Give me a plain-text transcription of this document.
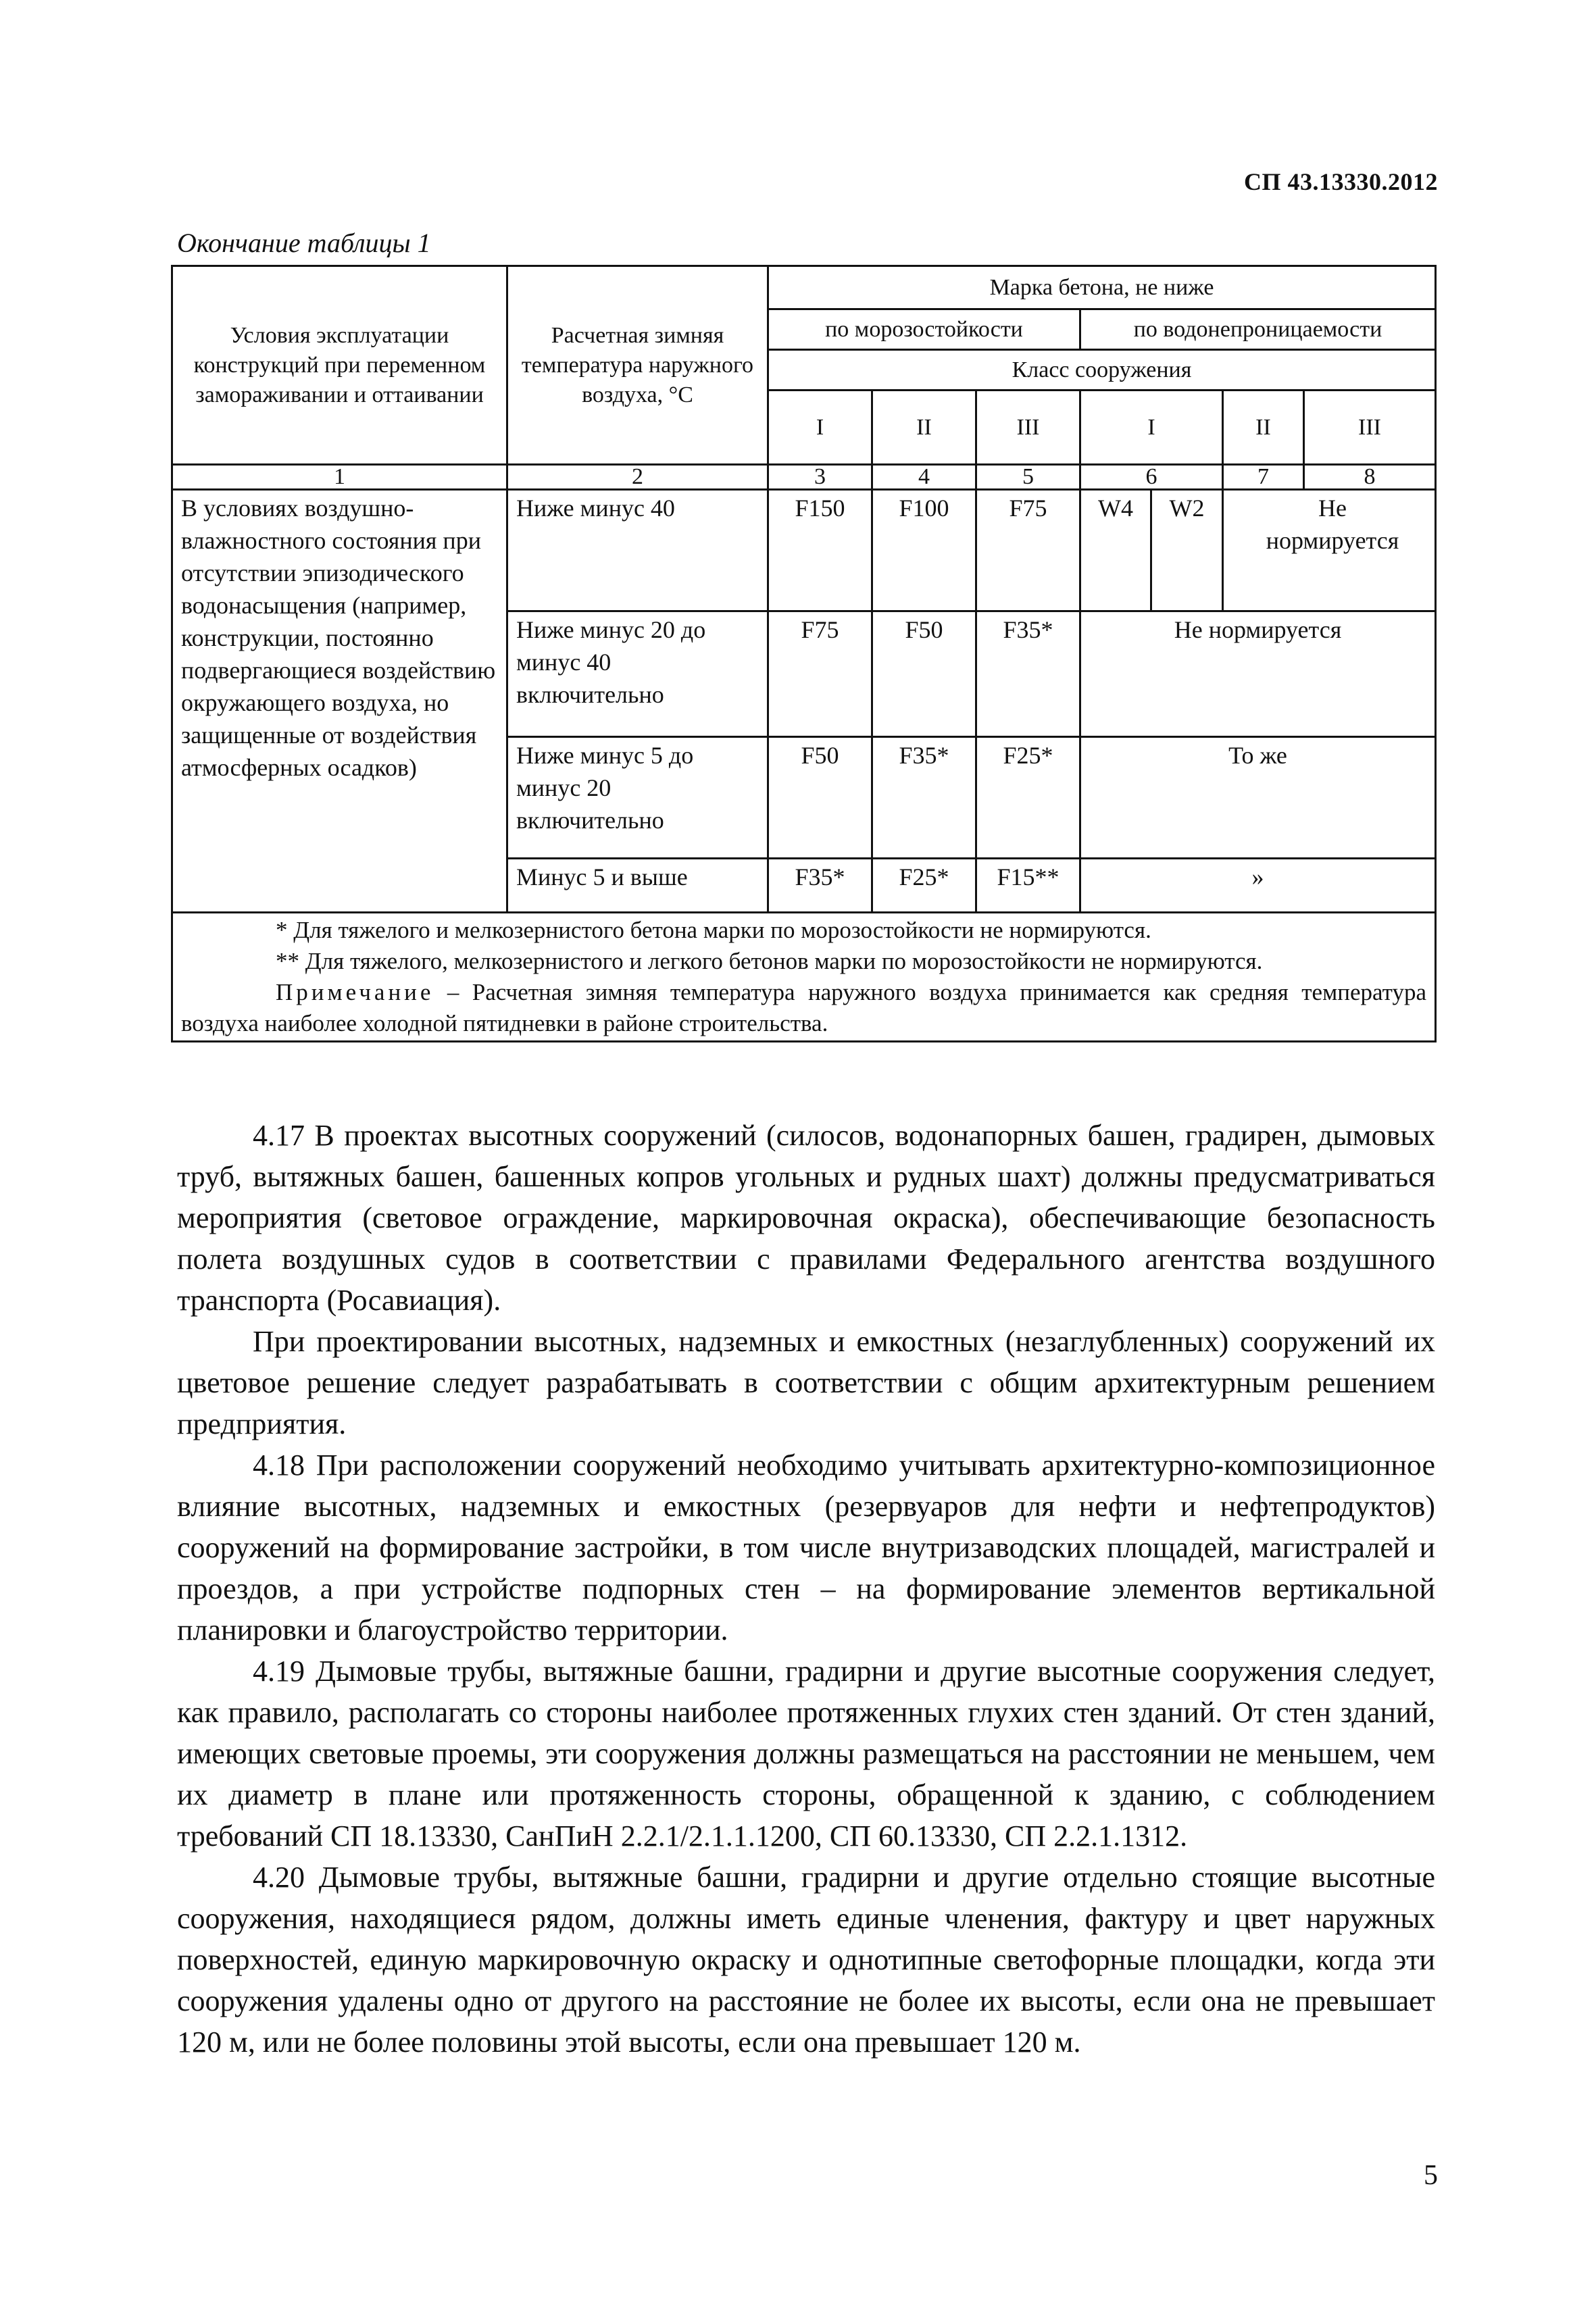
СП 43.13330.2012
Окончание таблицы 1
Условия эксплуатации конструкций при переменном замораживании и оттаивании	Расчетная зимняя температура наружного воздуха, °С	Марка бетона, не ниже						
		по морозостойкости			по водонепроницаемости			
		Класс сооружения						
		I	II	III	I		II	III
1	2	3	4	5	6		7	8
В условиях воздушно-влажностного состояния при отсутствии эпизодического водонасыщения (например, конструкции, постоянно подвергающиеся воздействию окружающего воздуха, но защищенные от воздействия атмосферных осадков)	Ниже минус 40	F150	F100	F75	W4	W2	Не нормируется	
	Ниже минус 20 до минус 40 включительно	F75	F50	F35*	Не нормируется			
	Ниже минус 5 до минус 20 включительно	F50	F35*	F25*	То же			
	Минус 5 и выше	F35*	F25*	F15**	»			

* Для тяжелого и мелкозернистого бетона марки по морозостойкости не нормируются.

** Для тяжелого, мелкозернистого и легкого бетонов марки по морозостойкости не нормируются.

Примечание – Расчетная зимняя температура наружного воздуха принимается как средняя температура воздуха наиболее холодной пятидневки в районе строительства.								

4.17 В проектах высотных сооружений (силосов, водонапорных башен, градирен, дымовых труб, вытяжных башен, башенных копров угольных и рудных шахт) должны предусматриваться мероприятия (световое ограждение, маркировочная окраска), обеспечивающие безопасность полета воздушных судов в соответствии с правилами Федерального агентства воздушного транспорта (Росавиация).

При проектировании высотных, надземных и емкостных (незаглубленных) сооружений их цветовое решение следует разрабатывать в соответствии с общим архитектурным решением предприятия.

4.18 При расположении сооружений необходимо учитывать архитектурно-композиционное влияние высотных, надземных и емкостных (резервуаров для нефти и нефтепродуктов) сооружений на формирование застройки, в том числе внутризаводских площадей, магистралей и проездов, а при устройстве подпорных стен – на формирование элементов вертикальной планировки и благоустройство территории.

4.19 Дымовые трубы, вытяжные башни, градирни и другие высотные сооружения следует, как правило, располагать со стороны наиболее протяженных глухих стен зданий. От стен зданий, имеющих световые проемы, эти сооружения должны размещаться на расстоянии не меньшем, чем их диаметр в плане или протяженность стороны, обращенной к зданию, с соблюдением требований СП 18.13330, СанПиН 2.2.1/2.1.1.1200, СП 60.13330, СП 2.2.1.1312.

4.20 Дымовые трубы, вытяжные башни, градирни и другие отдельно стоящие высотные сооружения, находящиеся рядом, должны иметь единые членения, фактуру и цвет наружных поверхностей, единую маркировочную окраску и однотипные светофорные площадки, когда эти сооружения удалены одно от другого на расстояние не более их высоты, если она не превышает 120 м, или не более половины этой высоты, если она превышает 120 м.

5
